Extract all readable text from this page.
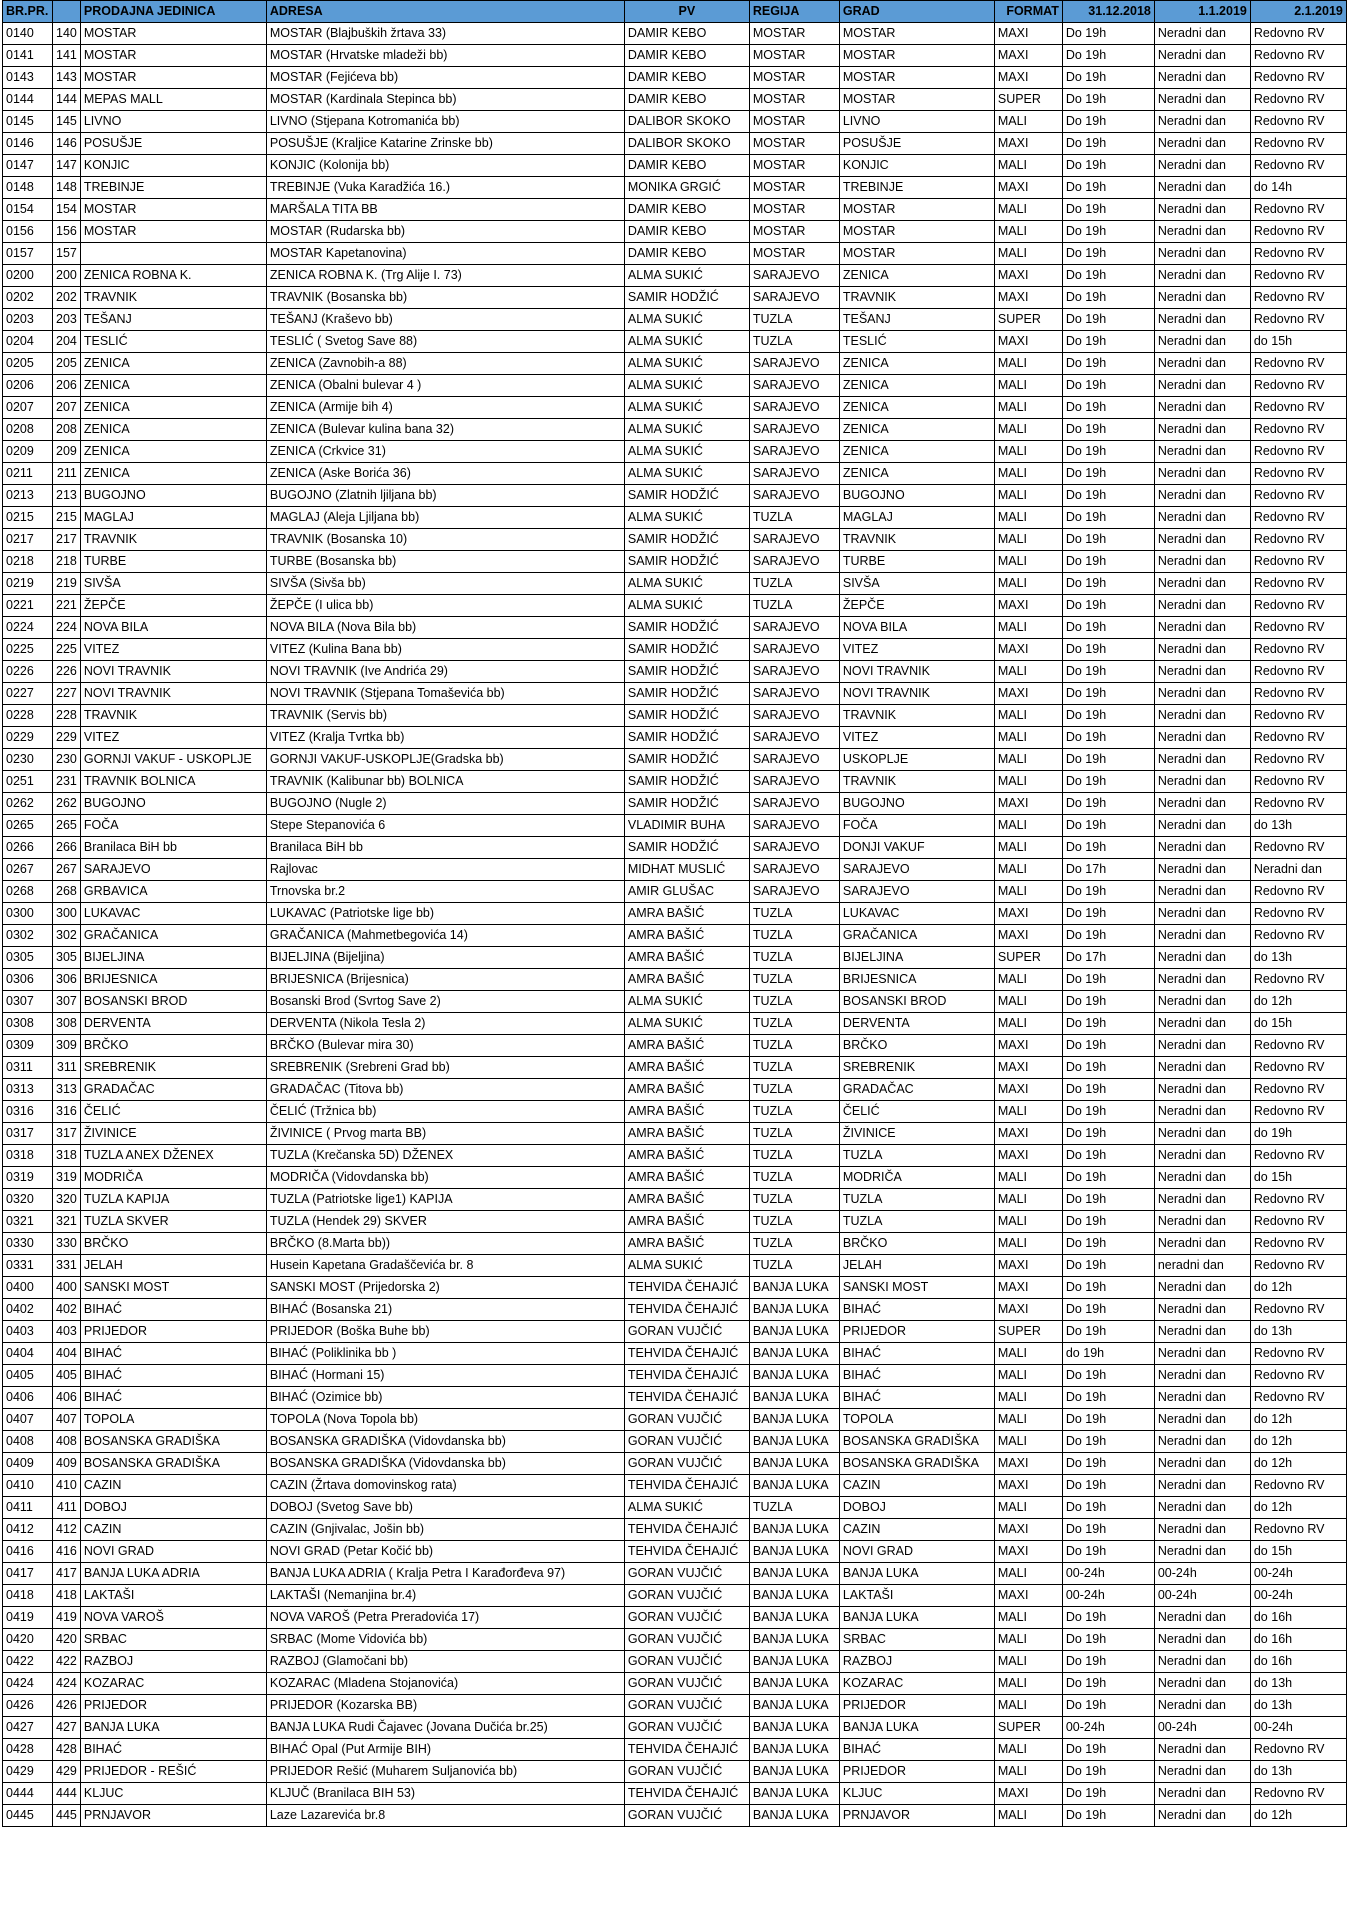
BR.PR.		PRODAJNA JEDINICA	ADRESA	PV	REGIJA	GRAD	FORMAT	31.12.2018	1.1.2019	2.1.2019
0140	140	MOSTAR	MOSTAR (Blajbuških žrtava 33)	DAMIR KEBO	MOSTAR	MOSTAR	MAXI	Do 19h	Neradni dan	Redovno RV
0141	141	MOSTAR	MOSTAR (Hrvatske mladeži bb)	DAMIR KEBO	MOSTAR	MOSTAR	MAXI	Do 19h	Neradni dan	Redovno RV
0143	143	MOSTAR	MOSTAR (Fejićeva bb)	DAMIR KEBO	MOSTAR	MOSTAR	MAXI	Do 19h	Neradni dan	Redovno RV
0144	144	MEPAS MALL	MOSTAR (Kardinala Stepinca bb)	DAMIR KEBO	MOSTAR	MOSTAR	SUPER	Do 19h	Neradni dan	Redovno RV
0145	145	LIVNO	LIVNO (Stjepana Kotromanića bb)	DALIBOR SKOKO	MOSTAR	LIVNO	MALI	Do 19h	Neradni dan	Redovno RV
0146	146	POSUŠJE	POSUŠJE (Kraljice Katarine Zrinske bb)	DALIBOR SKOKO	MOSTAR	POSUŠJE	MAXI	Do 19h	Neradni dan	Redovno RV
0147	147	KONJIC	KONJIC (Kolonija bb)	DAMIR KEBO	MOSTAR	KONJIC	MALI	Do 19h	Neradni dan	Redovno RV
0148	148	TREBINJE	TREBINJE (Vuka Karadžića 16.)	MONIKA GRGIĆ	MOSTAR	TREBINJE	MAXI	Do 19h	Neradni dan	do 14h
0154	154	MOSTAR	MARŠALA TITA BB	DAMIR KEBO	MOSTAR	MOSTAR	MALI	Do 19h	Neradni dan	Redovno RV
0156	156	MOSTAR	MOSTAR (Rudarska bb)	DAMIR KEBO	MOSTAR	MOSTAR	MALI	Do 19h	Neradni dan	Redovno RV
0157	157		MOSTAR Kapetanovina)	DAMIR KEBO	MOSTAR	MOSTAR	MALI	Do 19h	Neradni dan	Redovno RV
0200	200	ZENICA ROBNA K.	ZENICA ROBNA K. (Trg Alije I. 73)	ALMA SUKIĆ	SARAJEVO	ZENICA	MAXI	Do 19h	Neradni dan	Redovno RV
0202	202	TRAVNIK	TRAVNIK (Bosanska bb)	SAMIR HODŽIĆ	SARAJEVO	TRAVNIK	MAXI	Do 19h	Neradni dan	Redovno RV
0203	203	TEŠANJ	TEŠANJ (Kraševo bb)	ALMA SUKIĆ	TUZLA	TEŠANJ	SUPER	Do 19h	Neradni dan	Redovno RV
0204	204	TESLIĆ	TESLIĆ ( Svetog Save 88)	ALMA SUKIĆ	TUZLA	TESLIĆ	MAXI	Do 19h	Neradni dan	do 15h
0205	205	ZENICA	ZENICA (Zavnobih-a 88)	ALMA SUKIĆ	SARAJEVO	ZENICA	MALI	Do 19h	Neradni dan	Redovno RV
0206	206	ZENICA	ZENICA (Obalni bulevar 4 )	ALMA SUKIĆ	SARAJEVO	ZENICA	MALI	Do 19h	Neradni dan	Redovno RV
0207	207	ZENICA	ZENICA (Armije bih 4)	ALMA SUKIĆ	SARAJEVO	ZENICA	MALI	Do 19h	Neradni dan	Redovno RV
0208	208	ZENICA	ZENICA (Bulevar kulina bana 32)	ALMA SUKIĆ	SARAJEVO	ZENICA	MALI	Do 19h	Neradni dan	Redovno RV
0209	209	ZENICA	ZENICA (Crkvice 31)	ALMA SUKIĆ	SARAJEVO	ZENICA	MALI	Do 19h	Neradni dan	Redovno RV
0211	211	ZENICA	ZENICA (Aske Borića 36)	ALMA SUKIĆ	SARAJEVO	ZENICA	MALI	Do 19h	Neradni dan	Redovno RV
0213	213	BUGOJNO	BUGOJNO (Zlatnih ljiljana bb)	SAMIR HODŽIĆ	SARAJEVO	BUGOJNO	MALI	Do 19h	Neradni dan	Redovno RV
0215	215	MAGLAJ	MAGLAJ (Aleja Ljiljana bb)	ALMA SUKIĆ	TUZLA	MAGLAJ	MALI	Do 19h	Neradni dan	Redovno RV
0217	217	TRAVNIK	TRAVNIK (Bosanska 10)	SAMIR HODŽIĆ	SARAJEVO	TRAVNIK	MALI	Do 19h	Neradni dan	Redovno RV
0218	218	TURBE	TURBE (Bosanska bb)	SAMIR HODŽIĆ	SARAJEVO	TURBE	MALI	Do 19h	Neradni dan	Redovno RV
0219	219	SIVŠA	SIVŠA (Sivša bb)	ALMA SUKIĆ	TUZLA	SIVŠA	MALI	Do 19h	Neradni dan	Redovno RV
0221	221	ŽEPČE	ŽEPČE (I ulica bb)	ALMA SUKIĆ	TUZLA	ŽEPČE	MAXI	Do 19h	Neradni dan	Redovno RV
0224	224	NOVA BILA	NOVA BILA (Nova Bila bb)	SAMIR HODŽIĆ	SARAJEVO	NOVA BILA	MALI	Do 19h	Neradni dan	Redovno RV
0225	225	VITEZ	VITEZ (Kulina Bana bb)	SAMIR HODŽIĆ	SARAJEVO	VITEZ	MAXI	Do 19h	Neradni dan	Redovno RV
0226	226	NOVI TRAVNIK	NOVI TRAVNIK (Ive Andrića 29)	SAMIR HODŽIĆ	SARAJEVO	NOVI TRAVNIK	MALI	Do 19h	Neradni dan	Redovno RV
0227	227	NOVI TRAVNIK	NOVI TRAVNIK (Stjepana Tomaševića bb)	SAMIR HODŽIĆ	SARAJEVO	NOVI TRAVNIK	MAXI	Do 19h	Neradni dan	Redovno RV
0228	228	TRAVNIK	TRAVNIK (Servis bb)	SAMIR HODŽIĆ	SARAJEVO	TRAVNIK	MALI	Do 19h	Neradni dan	Redovno RV
0229	229	VITEZ	VITEZ (Kralja Tvrtka bb)	SAMIR HODŽIĆ	SARAJEVO	VITEZ	MALI	Do 19h	Neradni dan	Redovno RV
0230	230	GORNJI VAKUF - USKOPLJE	GORNJI VAKUF-USKOPLJE(Gradska bb)	SAMIR HODŽIĆ	SARAJEVO	USKOPLJE	MALI	Do 19h	Neradni dan	Redovno RV
0251	231	TRAVNIK BOLNICA	TRAVNIK (Kalibunar bb) BOLNICA	SAMIR HODŽIĆ	SARAJEVO	TRAVNIK	MALI	Do 19h	Neradni dan	Redovno RV
0262	262	BUGOJNO	BUGOJNO (Nugle 2)	SAMIR HODŽIĆ	SARAJEVO	BUGOJNO	MAXI	Do 19h	Neradni dan	Redovno RV
0265	265	FOČA	Stepe Stepanovića 6	VLADIMIR BUHA	SARAJEVO	FOČA	MALI	Do 19h	Neradni dan	do 13h
0266	266	Branilaca BiH bb	Branilaca BiH bb	SAMIR HODŽIĆ	SARAJEVO	DONJI VAKUF	MALI	Do 19h	Neradni dan	Redovno RV
0267	267	SARAJEVO	Rajlovac	MIDHAT MUSLIĆ	SARAJEVO	SARAJEVO	MALI	Do 17h	Neradni dan	Neradni dan
0268	268	GRBAVICA	Trnovska br.2	AMIR GLUŠAC	SARAJEVO	SARAJEVO	MALI	Do 19h	Neradni dan	Redovno RV
0300	300	LUKAVAC	LUKAVAC (Patriotske lige bb)	AMRA BAŠIĆ	TUZLA	LUKAVAC	MAXI	Do 19h	Neradni dan	Redovno RV
0302	302	GRAČANICA	GRAČANICA (Mahmetbegovića 14)	AMRA BAŠIĆ	TUZLA	GRAČANICA	MAXI	Do 19h	Neradni dan	Redovno RV
0305	305	BIJELJINA	BIJELJINA (Bijeljina)	AMRA BAŠIĆ	TUZLA	BIJELJINA	SUPER	Do 17h	Neradni dan	do 13h
0306	306	BRIJESNICA	BRIJESNICA (Brijesnica)	AMRA BAŠIĆ	TUZLA	BRIJESNICA	MALI	Do 19h	Neradni dan	Redovno RV
0307	307	BOSANSKI BROD	Bosanski Brod (Svrtog Save 2)	ALMA SUKIĆ	TUZLA	BOSANSKI BROD	MALI	Do 19h	Neradni dan	do 12h
0308	308	DERVENTA	DERVENTA (Nikola Tesla 2)	ALMA SUKIĆ	TUZLA	DERVENTA	MALI	Do 19h	Neradni dan	do 15h
0309	309	BRČKO	BRČKO (Bulevar mira 30)	AMRA BAŠIĆ	TUZLA	BRČKO	MAXI	Do 19h	Neradni dan	Redovno RV
0311	311	SREBRENIK	SREBRENIK (Srebreni Grad bb)	AMRA BAŠIĆ	TUZLA	SREBRENIK	MAXI	Do 19h	Neradni dan	Redovno RV
0313	313	GRADAČAC	GRADAČAC (Titova bb)	AMRA BAŠIĆ	TUZLA	GRADAČAC	MAXI	Do 19h	Neradni dan	Redovno RV
0316	316	ČELIĆ	ČELIĆ (Tržnica bb)	AMRA BAŠIĆ	TUZLA	ČELIĆ	MALI	Do 19h	Neradni dan	Redovno RV
0317	317	ŽIVINICE	ŽIVINICE ( Prvog marta BB)	AMRA BAŠIĆ	TUZLA	ŽIVINICE	MAXI	Do 19h	Neradni dan	do 19h
0318	318	TUZLA ANEX DŽENEX	TUZLA (Krečanska 5D) DŽENEX	AMRA BAŠIĆ	TUZLA	TUZLA	MAXI	Do 19h	Neradni dan	Redovno RV
0319	319	MODRIČA	MODRIČA (Vidovdanska bb)	AMRA BAŠIĆ	TUZLA	MODRIČA	MALI	Do 19h	Neradni dan	do 15h
0320	320	TUZLA KAPIJA	TUZLA (Patriotske lige1) KAPIJA	AMRA BAŠIĆ	TUZLA	TUZLA	MALI	Do 19h	Neradni dan	Redovno RV
0321	321	TUZLA SKVER	TUZLA (Hendek 29) SKVER	AMRA BAŠIĆ	TUZLA	TUZLA	MALI	Do 19h	Neradni dan	Redovno RV
0330	330	BRČKO	BRČKO (8.Marta bb))	AMRA BAŠIĆ	TUZLA	BRČKO	MALI	Do 19h	Neradni dan	Redovno RV
0331	331	JELAH	Husein Kapetana Gradaščevića br. 8	ALMA SUKIĆ	TUZLA	JELAH	MAXI	Do 19h	neradni dan	Redovno RV
0400	400	SANSKI MOST	SANSKI MOST (Prijedorska 2)	TEHVIDA ČEHAJIĆ	BANJA LUKA	SANSKI MOST	MAXI	Do 19h	Neradni dan	do 12h
0402	402	BIHAĆ	BIHAĆ (Bosanska 21)	TEHVIDA ČEHAJIĆ	BANJA LUKA	BIHAĆ	MAXI	Do 19h	Neradni dan	Redovno RV
0403	403	PRIJEDOR	PRIJEDOR (Boška Buhe bb)	GORAN VUJČIĆ	BANJA LUKA	PRIJEDOR	SUPER	Do 19h	Neradni dan	do 13h
0404	404	BIHAĆ	BIHAĆ (Poliklinika bb )	TEHVIDA ČEHAJIĆ	BANJA LUKA	BIHAĆ	MALI	do 19h	Neradni dan	Redovno RV
0405	405	BIHAĆ	BIHAĆ (Hormani 15)	TEHVIDA ČEHAJIĆ	BANJA LUKA	BIHAĆ	MALI	Do 19h	Neradni dan	Redovno RV
0406	406	BIHAĆ	BIHAĆ (Ozimice bb)	TEHVIDA ČEHAJIĆ	BANJA LUKA	BIHAĆ	MALI	Do 19h	Neradni dan	Redovno RV
0407	407	TOPOLA	TOPOLA (Nova Topola bb)	GORAN VUJČIĆ	BANJA LUKA	TOPOLA	MALI	Do 19h	Neradni dan	do 12h
0408	408	BOSANSKA GRADIŠKA	BOSANSKA GRADIŠKA (Vidovdanska bb)	GORAN VUJČIĆ	BANJA LUKA	BOSANSKA GRADIŠKA	MALI	Do 19h	Neradni dan	do 12h
0409	409	BOSANSKA GRADIŠKA	BOSANSKA GRADIŠKA (Vidovdanska bb)	GORAN VUJČIĆ	BANJA LUKA	BOSANSKA GRADIŠKA	MAXI	Do 19h	Neradni dan	do 12h
0410	410	CAZIN	CAZIN (Žrtava domovinskog rata)	TEHVIDA ČEHAJIĆ	BANJA LUKA	CAZIN	MAXI	Do 19h	Neradni dan	Redovno RV
0411	411	DOBOJ	DOBOJ (Svetog Save bb)	ALMA SUKIĆ	TUZLA	DOBOJ	MALI	Do 19h	Neradni dan	do 12h
0412	412	CAZIN	CAZIN (Gnjivalac, Jošin bb)	TEHVIDA ČEHAJIĆ	BANJA LUKA	CAZIN	MAXI	Do 19h	Neradni dan	Redovno RV
0416	416	NOVI GRAD	NOVI GRAD (Petar Kočić bb)	TEHVIDA ČEHAJIĆ	BANJA LUKA	NOVI GRAD	MAXI	Do 19h	Neradni dan	do 15h
0417	417	BANJA LUKA ADRIA	BANJA LUKA ADRIA ( Kralja Petra I Karađorđeva 97)	GORAN VUJČIĆ	BANJA LUKA	BANJA LUKA	MALI	00-24h	00-24h	00-24h
0418	418	LAKTAŠI	LAKTAŠI (Nemanjina br.4)	GORAN VUJČIĆ	BANJA LUKA	LAKTAŠI	MAXI	00-24h	00-24h	00-24h
0419	419	NOVA VAROŠ	NOVA VAROŠ (Petra Preradovića 17)	GORAN VUJČIĆ	BANJA LUKA	BANJA LUKA	MALI	Do 19h	Neradni dan	do 16h
0420	420	SRBAC	SRBAC (Mome Vidovića bb)	GORAN VUJČIĆ	BANJA LUKA	SRBAC	MALI	Do 19h	Neradni dan	do 16h
0422	422	RAZBOJ	RAZBOJ (Glamočani bb)	GORAN VUJČIĆ	BANJA LUKA	RAZBOJ	MALI	Do 19h	Neradni dan	do 16h
0424	424	KOZARAC	KOZARAC (Mladena Stojanovića)	GORAN VUJČIĆ	BANJA LUKA	KOZARAC	MALI	Do 19h	Neradni dan	do 13h
0426	426	PRIJEDOR	PRIJEDOR (Kozarska BB)	GORAN VUJČIĆ	BANJA LUKA	PRIJEDOR	MALI	Do 19h	Neradni dan	do 13h
0427	427	BANJA LUKA	BANJA LUKA Rudi Čajavec (Jovana Dučića br.25)	GORAN VUJČIĆ	BANJA LUKA	BANJA LUKA	SUPER	00-24h	00-24h	00-24h
0428	428	BIHAĆ	BIHAĆ Opal (Put Armije BIH)	TEHVIDA ČEHAJIĆ	BANJA LUKA	BIHAĆ	MALI	Do 19h	Neradni dan	Redovno RV
0429	429	PRIJEDOR - REŠIĆ	PRIJEDOR Rešić (Muharem Suljanovića bb)	GORAN VUJČIĆ	BANJA LUKA	PRIJEDOR	MALI	Do 19h	Neradni dan	do 13h
0444	444	KLJUC	KLJUČ (Branilaca BIH 53)	TEHVIDA ČEHAJIĆ	BANJA LUKA	KLJUC	MAXI	Do 19h	Neradni dan	Redovno RV
0445	445	PRNJAVOR	Laze Lazarevića br.8	GORAN VUJČIĆ	BANJA LUKA	PRNJAVOR	MALI	Do 19h	Neradni dan	do 12h
